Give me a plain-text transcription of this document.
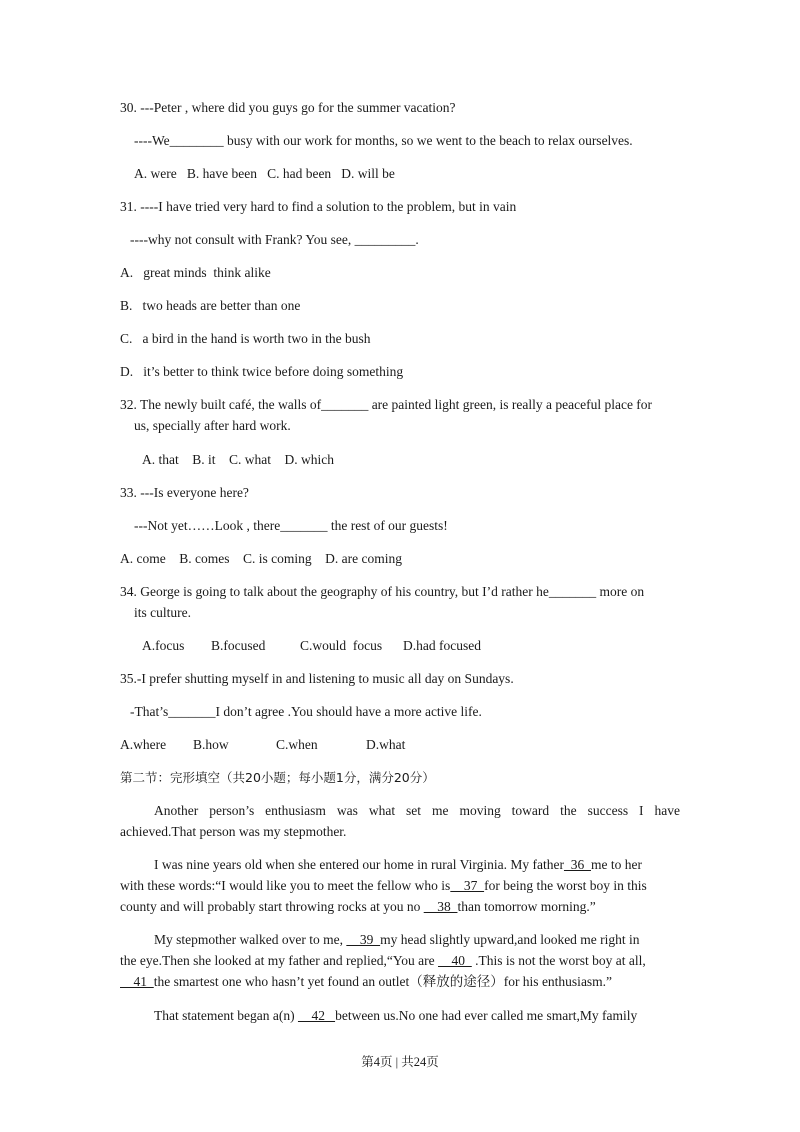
30. ---Peter , where did you guys go for the summer vacation?
----We________ busy with our work for months, so we went to the beach to relax ourselves.
A. were   B. have been   C. had been   D. will be
31. ----I have tried very hard to find a solution to the problem, but in vain
----why not consult with Frank? You see, _________.
A.   great minds  think alike
B.   two heads are better than one
C.   a bird in the hand is worth two in the bush
D.   it’s better to think twice before doing something
32. The newly built café, the walls of_______ are painted light green, is really a peaceful place for
us, specially after hard work.
A. that    B. it    C. what    D. which
33. ---Is everyone here?
---Not yet……Look , there_______ the rest of our guests!
A. come    B. comes    C. is coming    D. are coming
34. George is going to talk about the geography of his country, but I’d rather he_______ more on
its culture.
A.focus B.focused	C.would  focus D.had focused
35.-I prefer shutting myself in and listening to music all day on Sundays.
-That’s_______I don’t agree .You should have a more active life.
A.where B.how	C.when	D.what
第二节：完形填空（共20小题；每小题1分，满分20分）
Another person’s enthusiasm was what set me moving toward the success I have
achieved.That person was my stepmother.
I was nine years old when she entered our home in rural Virginia. My father  36  me to her
with these words:“I would like you to meet the fellow who is    37  for being the worst boy in this
county and will probably start throwing rocks at you no     38  than tomorrow morning.”
My stepmother walked over to me,     39  my head slightly upward,and looked me right in
the eye.Then she looked at my father and replied,“You are     40   .This is not the worst boy at all,
41  the smartest one who hasn’t yet found an outlet（释放的途径）for his enthusiasm.”
That statement began a(n)     42   between us.No one had ever called me smart,My family
第4页 | 共24页
